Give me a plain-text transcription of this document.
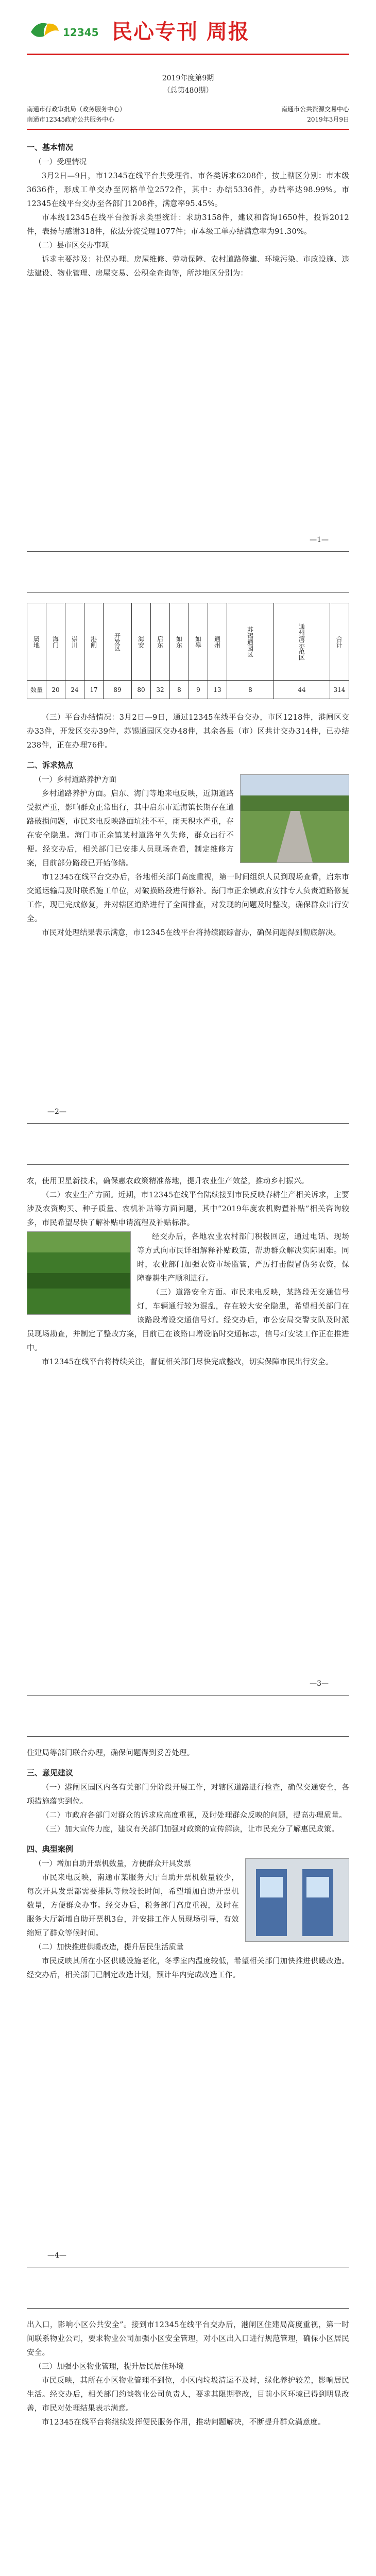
12345 民心专刊 周报
2019年度第9期
（总第480期）
南通市行政审批局（政务服务中心）	南通市公共资源交易中心
南通市12345政府公共服务中心	2019年3月9日
一、基本情况
（一）受理情况

3月2日—9日，市12345在线平台共受理省、市各类诉求6208件，按上轄区分別：市本级3636件，形成工单交办至网格单位2572件，其中：办结5336件，办结率达98.99%。市12345在线平台交办至各部门1208件，满意率95.45%。

市本级12345在线平台按诉求类型统计：求助3158件，建议和咨询1650件，投诉2012件，表扬与感谢318件，依法分流受理1077件；市本级工单办结满意率为91.30%。

（二）县市区交办事项

诉求主要涉及：社保办理、房屋维修、劳动保障、农村道路修建、环境污染、市政设施、违法建设、物业管理、房屋交易、公积金查询等，所涉地区分别为：

—1—
属地	海门	崇川	港闸	开发区	海安	启东	如东	如皋	通州	苏锡通园区	通州湾示范区	合计
数量	20	24	17	89	80	32	8	9	13	8	44	314

（三）平台办结情况：3月2日—9日，通过12345在线平台交办，市区1218件，港闸区交办33件，开发区交办39件，苏锡通园区交办48件，其余各县（市）区共计交办314件，已办结238件，正在办理76件。

二、诉求热点
（一）乡村道路养护方面

乡村道路养护方面。启东、海门等地来电反映，近期道路受损严重，影响群众正常出行，其中启东市近海镇长期存在道路破损问题，市民来电反映路面坑洼不平，雨天积水严重，存在安全隐患。海门市正余镇某村道路年久失修，群众出行不便。经交办后，相关部门已安排人员现场查看，制定维修方案，目前部分路段已开始修缮。

市12345在线平台交办后，各地相关部门高度重视，第一时间组织人员到现场查看，启东市交通运输局及时联系施工单位，对破损路段进行修补。海门市正余镇政府安排专人负责道路修复工作，现已完成修复，并对辖区道路进行了全面排查，对发现的问题及时整改，确保群众出行安全。

市民对处理结果表示满意，市12345在线平台将持续跟踪督办，确保问题得到彻底解决。

—2—

农，使用卫星新技术，确保惠农政策精准落地，提升农业生产效益，推动乡村振兴。

（二）农业生产方面。近期，市12345在线平台陆续接到市民反映春耕生产相关诉求，主要涉及农资购买、种子质量、农机补贴等方面问题，其中“2019年度农机购置补贴”相关咨询较多，市民希望尽快了解补贴申请流程及补贴标准。

经交办后，各地农业农村部门积极回应，通过电话、现场等方式向市民详细解释补贴政策，帮助群众解决实际困难。同时，农业部门加强农资市场监管，严厉打击假冒伪劣农资，保障春耕生产顺利进行。

（三）道路安全方面。市民来电反映，某路段无交通信号灯，车辆通行较为混乱，存在较大安全隐患，希望相关部门在该路段增设交通信号灯。经交办后，市公安局交警支队及时派员现场勘查，并制定了整改方案，目前已在该路口增设临时交通标志，信号灯安装工作正在推进中。

市12345在线平台将持续关注，督促相关部门尽快完成整改，切实保障市民出行安全。

—3—

住建局等部门联合办理，确保问题得到妥善处理。

三、意见建议

（一）港闸区园区内各有关部门分阶段开展工作，对辖区道路进行检查，确保交通安全，各项措施落实到位。

（二）市政府各部门对群众的诉求应高度重视，及时处理群众反映的问题，提高办理质量。

（三）加大宣传力度，建议有关部门加强对政策的宣传解读，让市民充分了解惠民政策。

四、典型案例
（一）增加自助开票机数量，方便群众开具发票

市民来电反映，南通市某服务大厅自助开票机数量较少，每次开具发票都需要排队等候较长时间，希望增加自助开票机数量，方便群众办事。经交办后，税务部门高度重视，及时在服务大厅新增自助开票机3台，并安排工作人员现场引导，有效缩短了群众等候时间。

（二）加快推进供暖改造，提升居民生活质量

市民反映其所在小区供暖设施老化，冬季室内温度较低，希望相关部门加快推进供暖改造。经交办后，相关部门已制定改造计划，预计年内完成改造工作。

—4—

出入口，影响小区公共安全”。接到市12345在线平台交办后，港闸区住建局高度重视，第一时间联系物业公司，要求物业公司加强小区安全管理，对小区出入口进行规范管理，确保小区居民安全。

（三）加强小区物业管理，提升居民居住环境

市民反映，其所在小区物业管理不到位，小区内垃圾清运不及时，绿化养护较差，影响居民生活。经交办后，相关部门约谈物业公司负责人，要求其限期整改，目前小区环境已得到明显改善，市民对处理结果表示满意。

市12345在线平台将继续发挥便民服务作用，推动问题解决，不断提升群众满意度。
